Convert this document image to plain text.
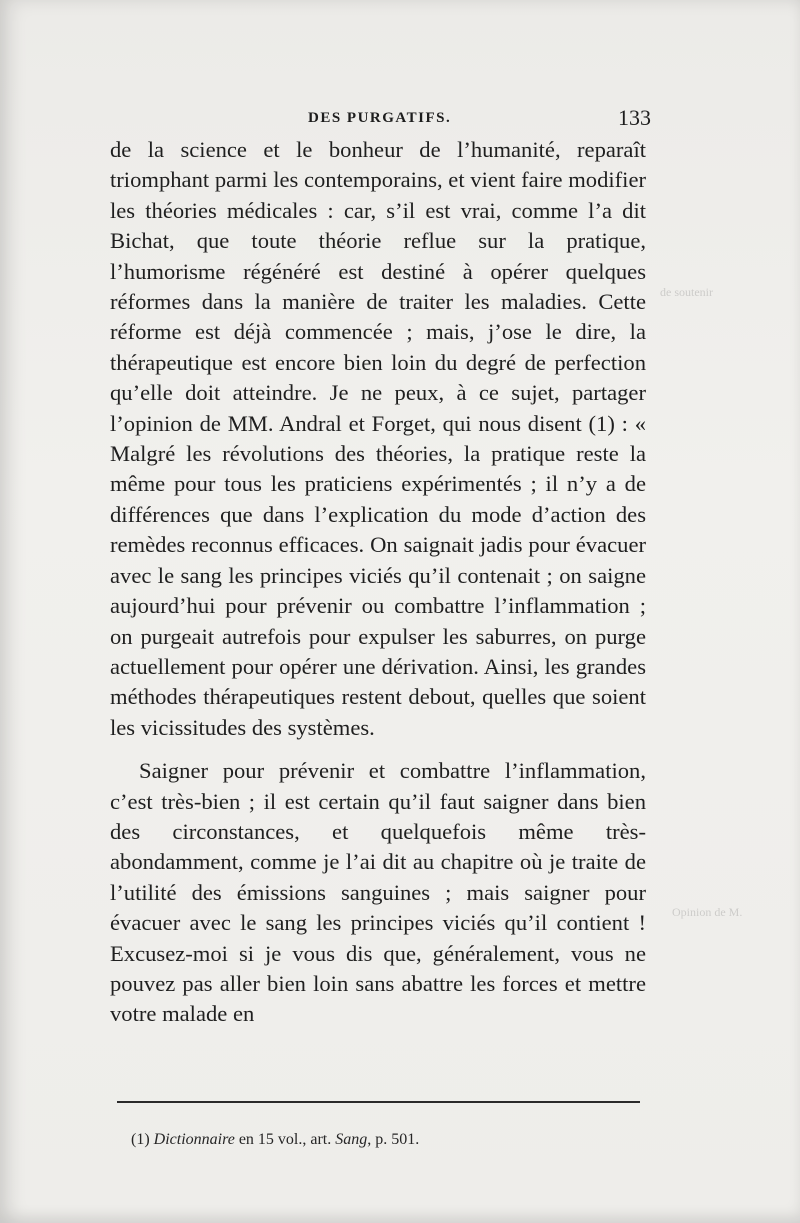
de soutenir
Opinion de M.
DES PURGATIFS.	133

de la science et le bonheur de l’humanité, reparaît triomphant parmi les contemporains, et vient faire modifier les théories médicales : car, s’il est vrai, comme l’a dit Bichat, que toute théorie reflue sur la pratique, l’humorisme régénéré est destiné à opérer quelques réformes dans la manière de traiter les maladies. Cette réforme est déjà commencée ; mais, j’ose le dire, la thérapeutique est encore bien loin du degré de perfection qu’elle doit atteindre. Je ne peux, à ce sujet, partager l’opinion de MM. Andral et Forget, qui nous disent (1) : « Malgré les révolutions des théories, la pratique reste la même pour tous les praticiens expérimentés ; il n’y a de différences que dans l’explication du mode d’action des remèdes reconnus efficaces. On saignait jadis pour évacuer avec le sang les principes viciés qu’il contenait ; on saigne aujourd’hui pour prévenir ou combattre l’inflammation ; on purgeait autrefois pour expulser les saburres, on purge actuellement pour opérer une dérivation. Ainsi, les grandes méthodes thérapeutiques restent debout, quelles que soient les vicissitudes des systèmes.

Saigner pour prévenir et combattre l’inflammation, c’est très-bien ; il est certain qu’il faut saigner dans bien des circonstances, et quelquefois même très-abondamment, comme je l’ai dit au chapitre où je traite de l’utilité des émissions sanguines ; mais saigner pour évacuer avec le sang les principes viciés qu’il contient ! Excusez-moi si je vous dis que, généralement, vous ne pouvez pas aller bien loin sans abattre les forces et mettre votre malade en

(1) Dictionnaire en 15 vol., art. Sang, p. 501.
